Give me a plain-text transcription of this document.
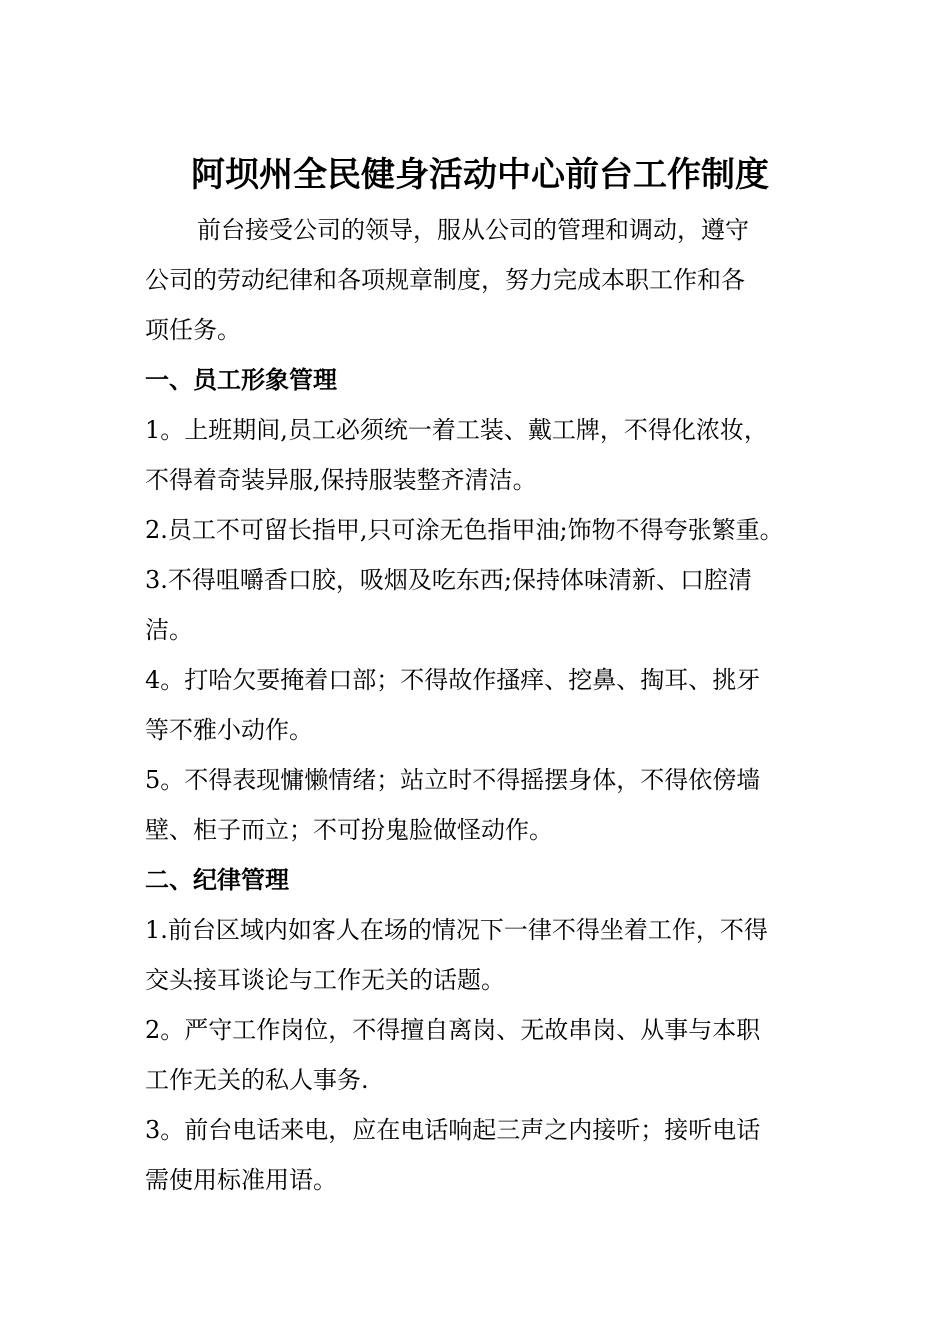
阿坝州全民健身活动中心前台工作制度

前台接受公司的领导，服从公司的管理和调动，遵守

公司的劳动纪律和各项规章制度，努力完成本职工作和各

项任务。

一、员工形象管理

1。上班期间,员工必须统一着工装、戴工牌，不得化浓妆，

不得着奇装异服,保持服装整齐清洁。

2.员工不可留长指甲,只可涂无色指甲油;饰物不得夸张繁重。

3.不得咀嚼香口胶，吸烟及吃东西;保持体味清新、口腔清

洁。

4。打哈欠要掩着口部；不得故作搔痒、挖鼻、掏耳、挑牙

等不雅小动作。

5。不得表现慵懒情绪；站立时不得摇摆身体，不得依傍墙

壁、柜子而立；不可扮鬼脸做怪动作。

二、纪律管理

1.前台区域内如客人在场的情况下一律不得坐着工作，不得

交头接耳谈论与工作无关的话题。

2。严守工作岗位，不得擅自离岗、无故串岗、从事与本职

工作无关的私人事务.

3。前台电话来电，应在电话响起三声之内接听；接听电话

需使用标准用语。
